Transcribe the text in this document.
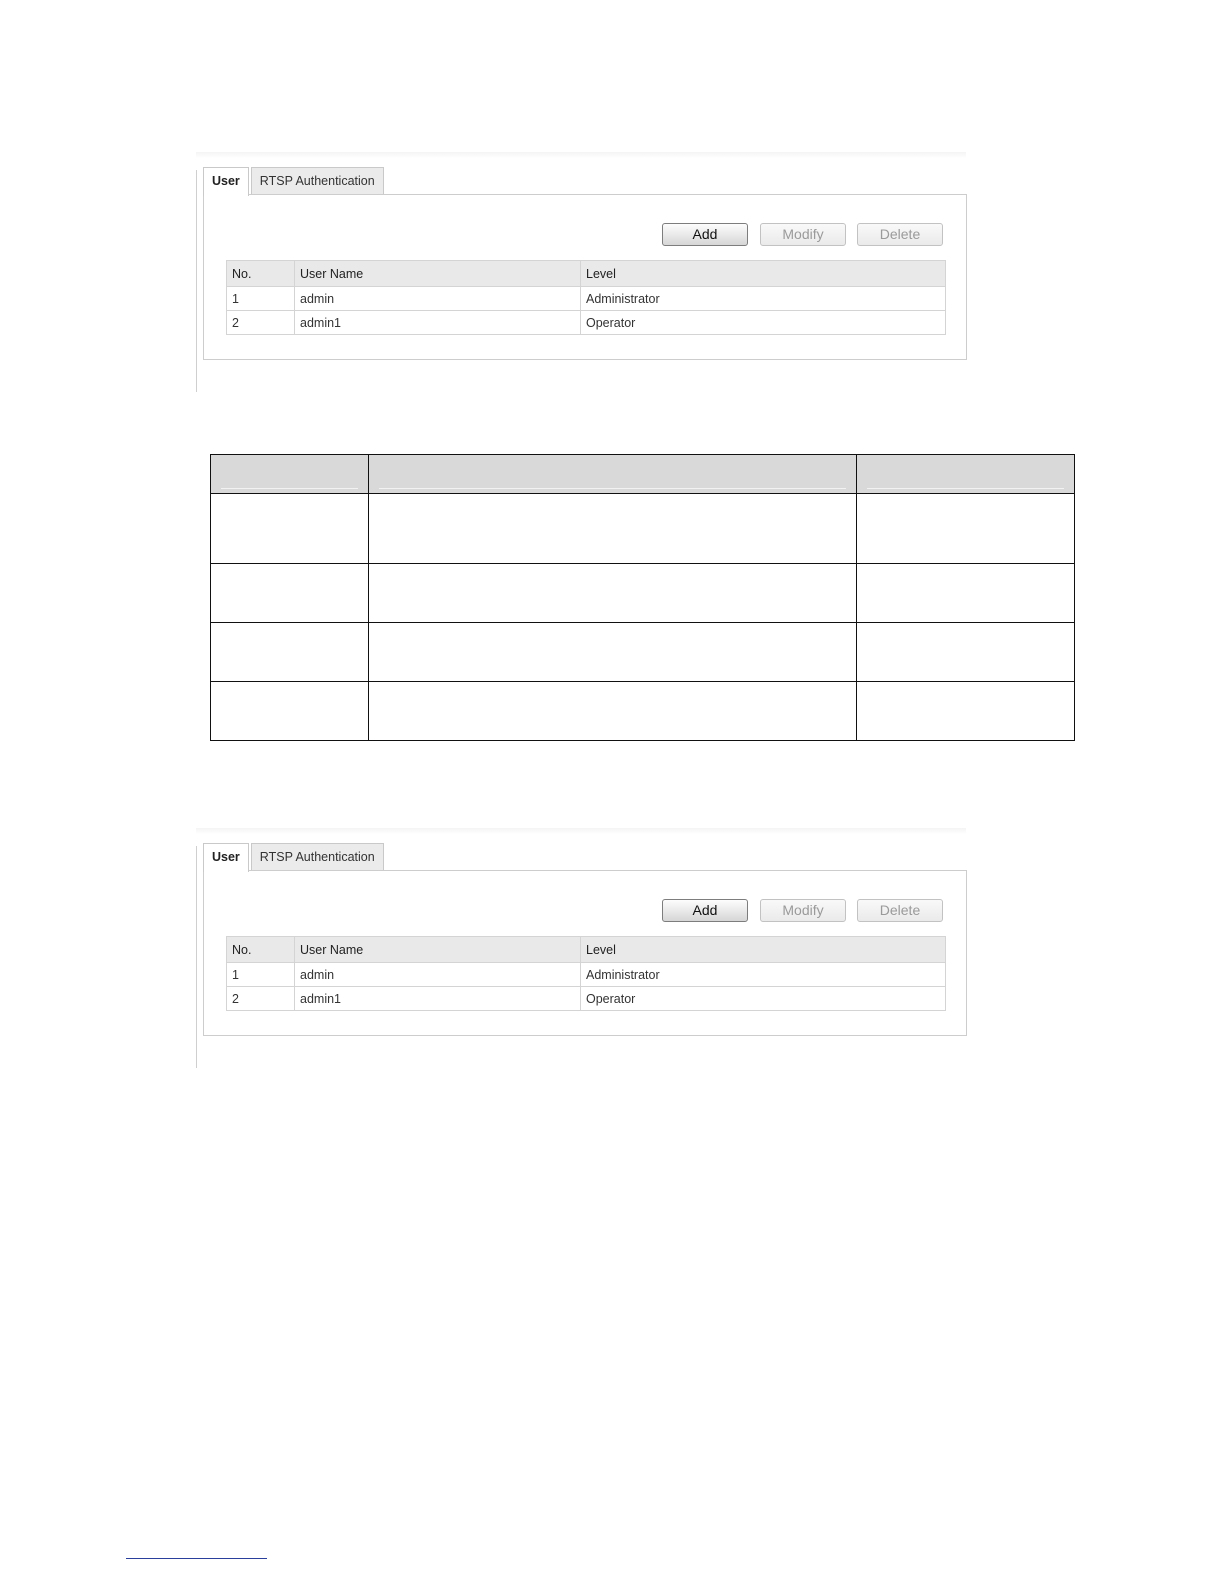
User	RTSP Authentication
Add	Modify	Delete
No.	User Name	Level
1	admin	Administrator
2	admin1	Operator

User	RTSP Authentication
Add	Modify	Delete
No.	User Name	Level
1	admin	Administrator
2	admin1	Operator
